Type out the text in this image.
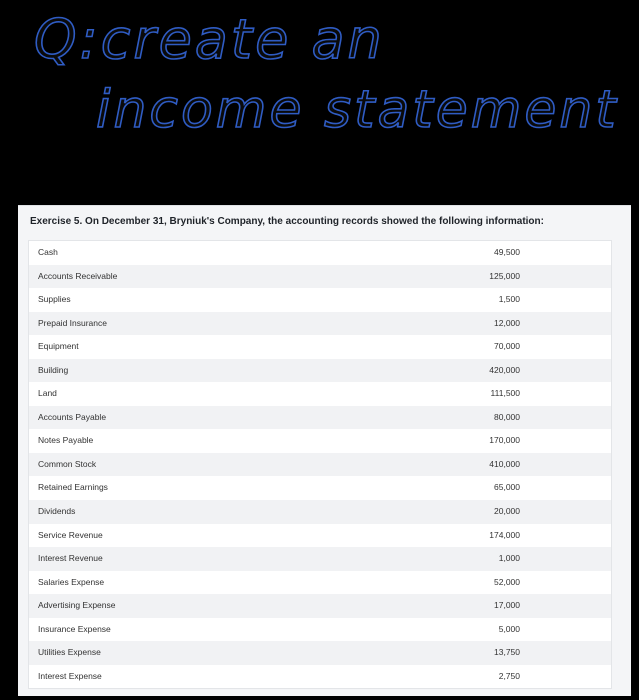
Q:create an
income statement
Exercise 5. On December 31, Bryniuk's Company, the accounting records showed the following information:
Cash	49,500
Accounts Receivable	125,000
Supplies	1,500
Prepaid Insurance	12,000
Equipment	70,000
Building	420,000
Land	111,500
Accounts Payable	80,000
Notes Payable	170,000
Common Stock	410,000
Retained Earnings	65,000
Dividends	20,000
Service Revenue	174,000
Interest Revenue	1,000
Salaries Expense	52,000
Advertising Expense	17,000
Insurance Expense	5,000
Utilities Expense	13,750
Interest Expense	2,750
